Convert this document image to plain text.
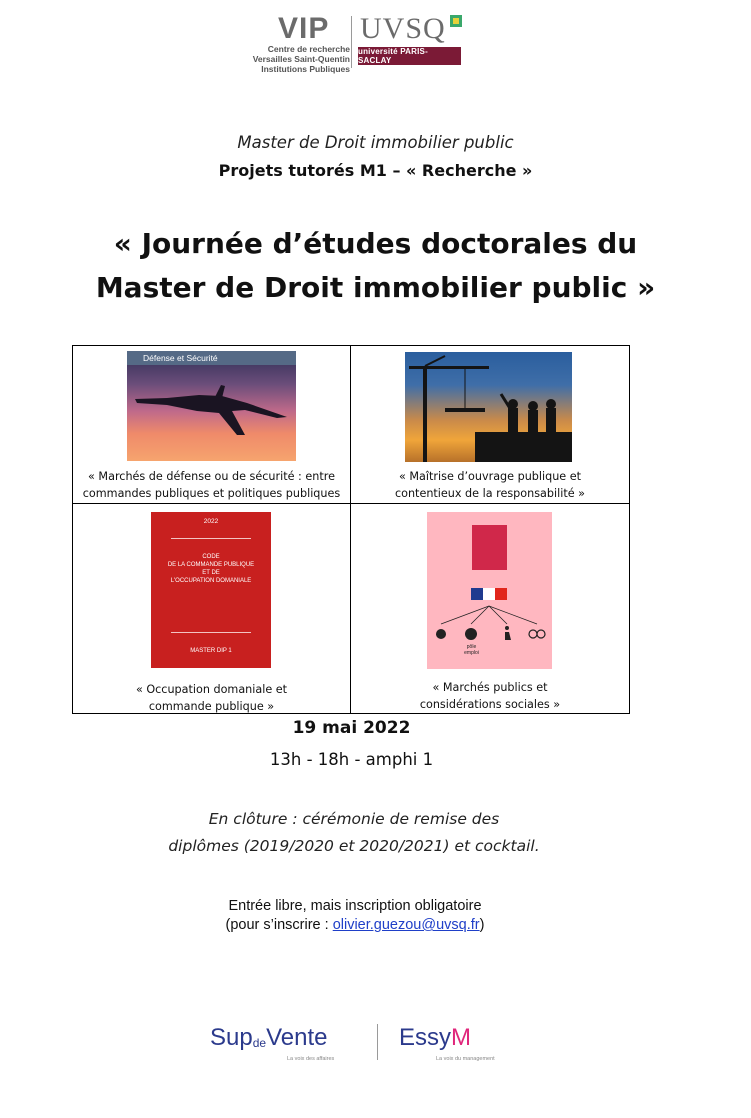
VIP
Centre de recherche
Versailles Saint-Quentin
Institutions Publiques
UVSQ
université PARIS-SACLAY
Master de Droit immobilier public
Projets tutorés M1 – « Recherche »
« Journée d’études doctorales du
Master de Droit immobilier public »
Défense et Sécurité
« Marchés de défense ou de sécurité : entre
commandes publiques et politiques publiques
« Maîtrise d’ouvrage publique et
contentieux de la responsabilité »
2022
CODE
DE LA COMMANDE PUBLIQUE
ET DE
L'OCCUPATION DOMANIALE
MASTER DIP 1
« Occupation domaniale et
commande publique »
pôle emploi
« Marchés publics et
considérations sociales »
19 mai 2022
13h - 18h - amphi 1
En clôture : cérémonie de remise des
diplômes (2019/2020 et 2020/2021) et cocktail.
Entrée libre, mais inscription obligatoire
(pour s’inscrire : olivier.guezou@uvsq.fr)
SupdeVente
La voix des affaires
EssyM
La voix du management
